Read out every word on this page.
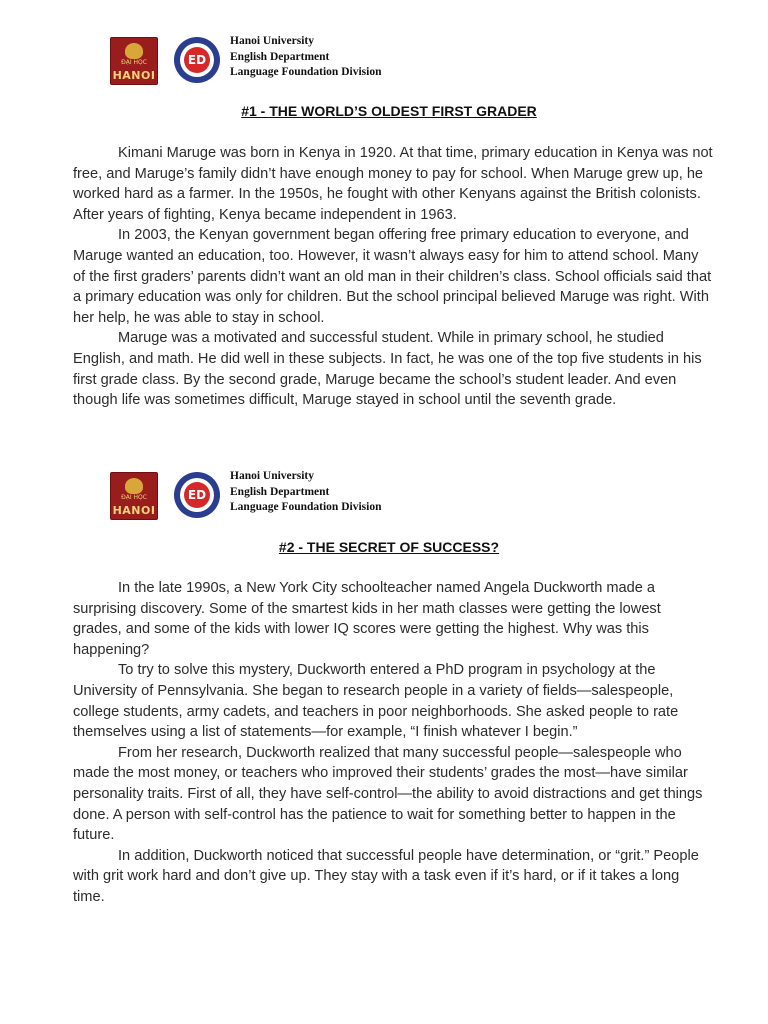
ĐẠI HỌC
HANOI
ED
Hanoi University
English Department
Language Foundation Division
#1 - THE WORLD’S OLDEST FIRST GRADER

Kimani Maruge was born in Kenya in 1920. At that time, primary education in Kenya was not free, and Maruge’s family didn’t have enough money to pay for school. When Maruge grew up, he worked hard as a farmer. In the 1950s, he fought with other Kenyans against the British colonists. After years of fighting, Kenya became independent in 1963.

In 2003, the Kenyan government began offering free primary education to everyone, and Maruge wanted an education, too. However, it wasn’t always easy for him to attend school. Many of the first graders’ parents didn’t want an old man in their children’s class. School officials said that a primary education was only for children. But the school principal believed Maruge was right. With her help, he was able to stay in school.

Maruge was a motivated and successful student. While in primary school, he studied English, and math. He did well in these subjects. In fact, he was one of the top five students in his first grade class. By the second grade, Maruge became the school’s student leader. And even though life was sometimes difficult, Maruge stayed in school until the seventh grade.

ĐẠI HỌC
HANOI
ED
Hanoi University
English Department
Language Foundation Division
#2 - THE SECRET OF SUCCESS?

In the late 1990s, a New York City schoolteacher named Angela Duckworth made a surprising discovery. Some of the smartest kids in her math classes were getting the lowest grades, and some of the kids with lower IQ scores were getting the highest. Why was this happening?

To try to solve this mystery, Duckworth entered a PhD program in psychology at the University of Pennsylvania. She began to research people in a variety of fields—salespeople, college students, army cadets, and teachers in poor neighborhoods. She asked people to rate themselves using a list of statements—for example, “I finish whatever I begin.”

From her research, Duckworth realized that many successful people—salespeople who made the most money, or teachers who improved their students’ grades the most—have similar personality traits. First of all, they have self-control—the ability to avoid distractions and get things done. A person with self-control has the patience to wait for something better to happen in the future.

In addition, Duckworth noticed that successful people have determination, or “grit.” People with grit work hard and don’t give up. They stay with a task even if it’s hard, or if it takes a long time.
